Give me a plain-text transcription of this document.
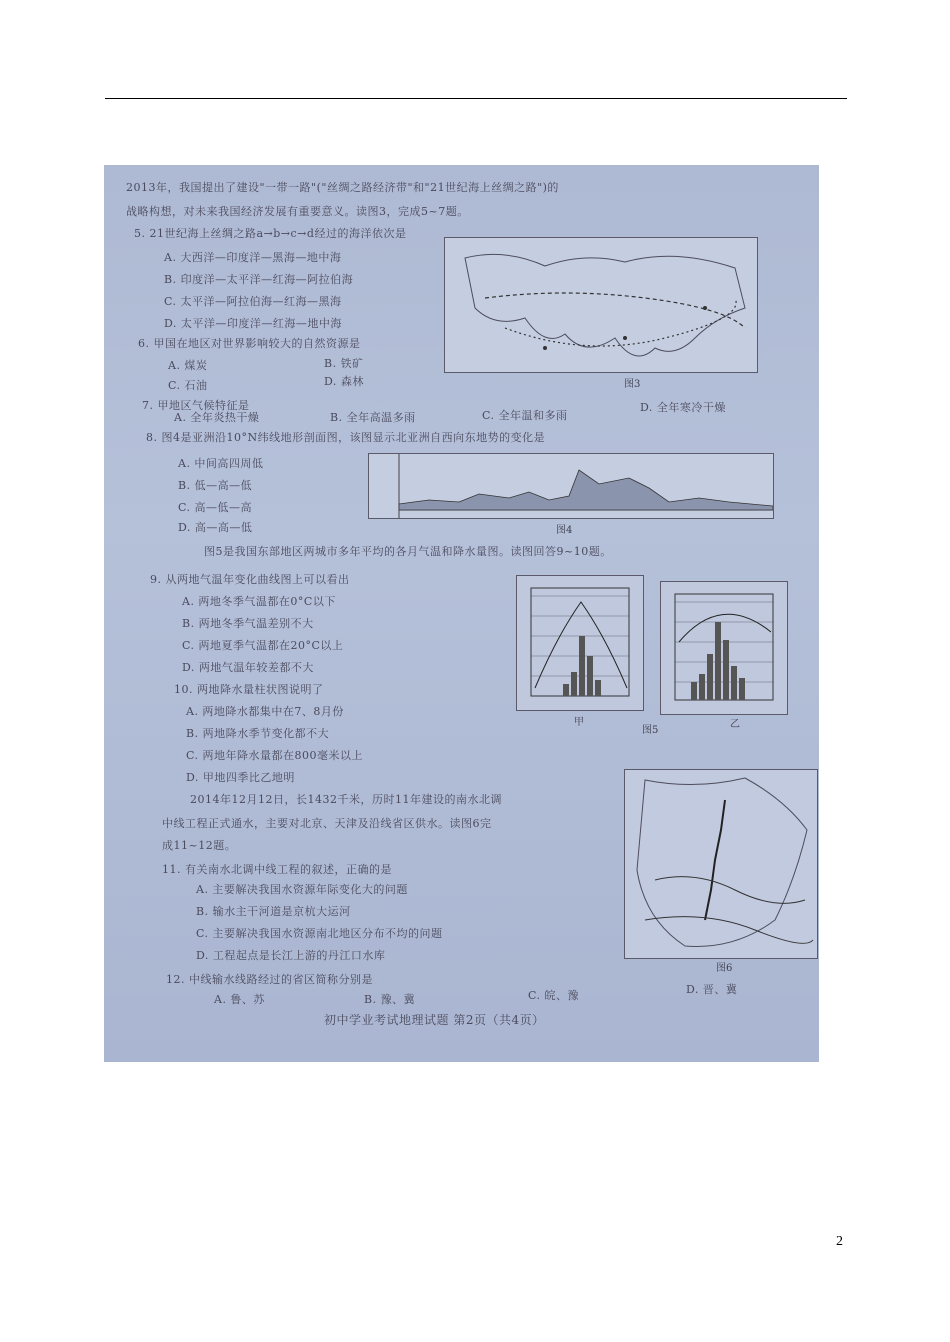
2013年，我国提出了建设"一带一路"("丝绸之路经济带"和"21世纪海上丝绸之路")的
战略构想，对未来我国经济发展有重要意义。读图3，完成5~7题。
5. 21世纪海上丝绸之路a→b→c→d经过的海洋依次是
A. 大西洋—印度洋—黑海—地中海
B. 印度洋—太平洋—红海—阿拉伯海
C. 太平洋—阿拉伯海—红海—黑海
D. 太平洋—印度洋—红海—地中海
6. 甲国在地区对世界影响较大的自然资源是
A. 煤炭	B. 铁矿
C. 石油	D. 森林	图3
7. 甲地区气候特征是
A. 全年炎热干燥	B. 全年高温多雨	C. 全年温和多雨
D. 全年寒冷干燥
8. 图4是亚洲沿10°N纬线地形剖面图，该图显示北亚洲自西向东地势的变化是
A. 中间高四周低
B. 低—高—低
C. 高—低—高
D. 高—高—低	图4
图5是我国东部地区两城市多年平均的各月气温和降水量图。读图回答9~10题。
9. 从两地气温年变化曲线图上可以看出
A. 两地冬季气温都在0°C以下
B. 两地冬季气温差别不大
C. 两地夏季气温都在20°C以上
D. 两地气温年较差都不大
10. 两地降水量柱状图说明了
A. 两地降水都集中在7、8月份
B. 两地降水季节变化都不大
C. 两地年降水量都在800毫米以上
D. 甲地四季比乙地明
甲
图5
乙
2014年12月12日，长1432千米，历时11年建设的南水北调
中线工程正式通水，主要对北京、天津及沿线省区供水。读图6完
成11~12题。
图6
11. 有关南水北调中线工程的叙述，正确的是
A. 主要解决我国水资源年际变化大的问题
B. 输水主干河道是京杭大运河
C. 主要解决我国水资源南北地区分布不均的问题
D. 工程起点是长江上游的丹江口水库
12. 中线输水线路经过的省区简称分别是
A. 鲁、苏	B. 豫、冀	C. 皖、豫	D. 晋、冀
初中学业考试地理试题 第2页（共4页）
2
